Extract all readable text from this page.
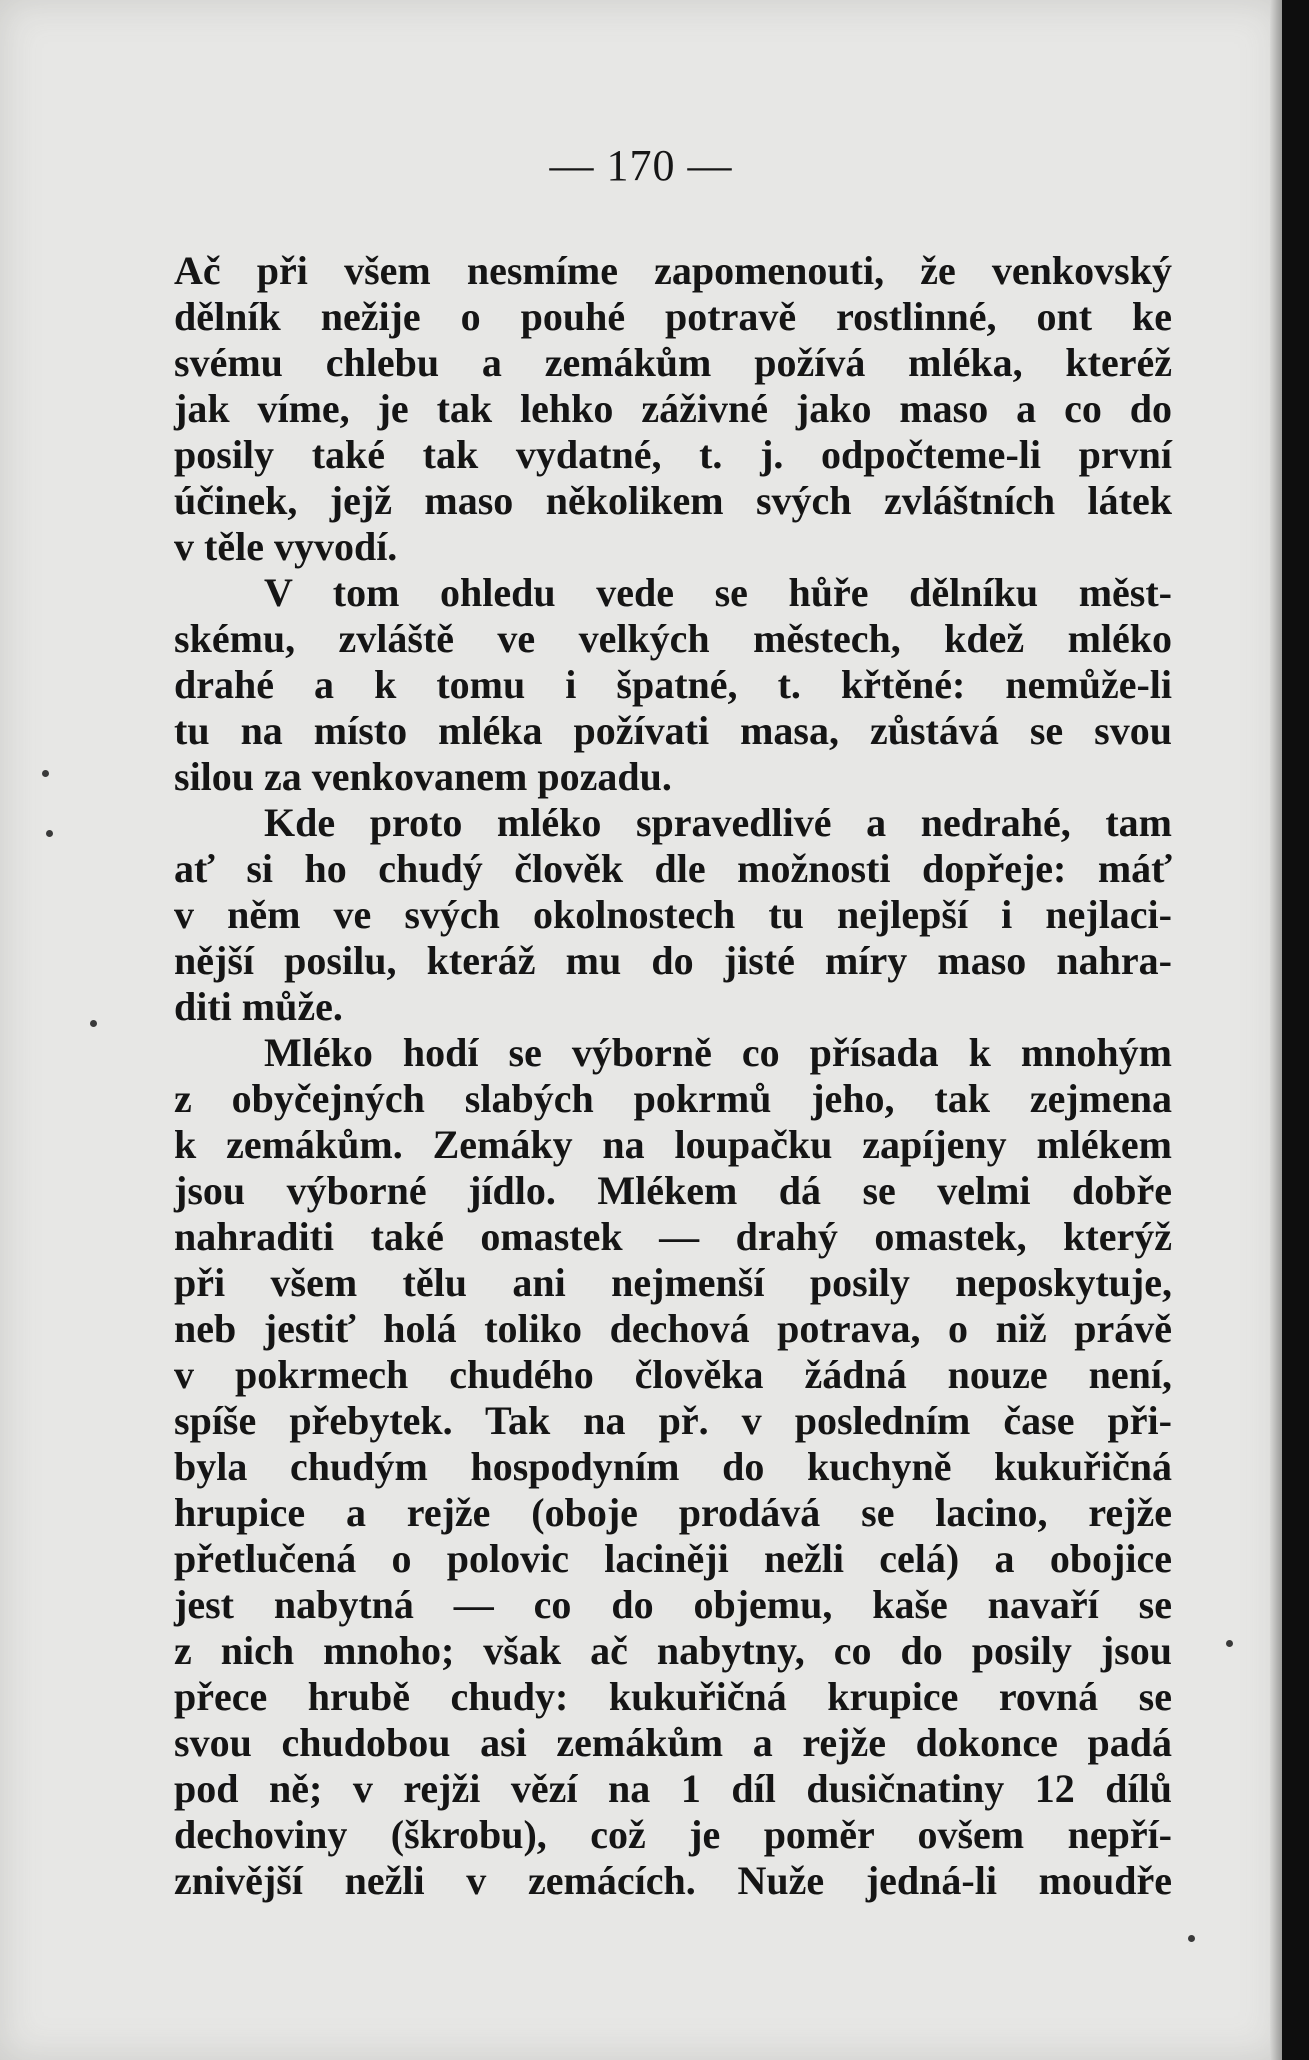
— 170 —
Ač při všem nesmíme zapomenouti, že venkovský
dělník nežije o pouhé potravě rostlinné, ont ke
svému chlebu a zemákům požívá mléka, kteréž
jak víme, je tak lehko záživné jako maso a co do
posily také tak vydatné, t. j. odpočteme-li první
účinek, jejž maso několikem svých zvláštních látek
v těle vyvodí.
V tom ohledu vede se hůře dělníku měst-
skému, zvláště ve velkých městech, kdež mléko
drahé a k tomu i špatné, t. křtěné: nemůže-li
tu na místo mléka požívati masa, zůstává se svou
silou za venkovanem pozadu.
Kde proto mléko spravedlivé a nedrahé, tam
ať si ho chudý člověk dle možnosti dopřeje: máť
v něm ve svých okolnostech tu nejlepší i nejlaci-
nější posilu, kteráž mu do jisté míry maso nahra-
diti může.
Mléko hodí se výborně co přísada k mnohým
z obyčejných slabých pokrmů jeho, tak zejmena
k zemákům. Zemáky na loupačku zapíjeny mlékem
jsou výborné jídlo. Mlékem dá se velmi dobře
nahraditi také omastek — drahý omastek, kterýž
při všem tělu ani nejmenší posily neposkytuje,
neb jestiť holá toliko dechová potrava, o niž právě
v pokrmech chudého člověka žádná nouze není,
spíše přebytek. Tak na př. v posledním čase při-
byla chudým hospodyním do kuchyně kukuřičná
hrupice a rejže (oboje prodává se lacino, rejže
přetlučená o polovic laciněji nežli celá) a obojice
jest nabytná — co do objemu, kaše navaří se
z nich mnoho; však ač nabytny, co do posily jsou
přece hrubě chudy: kukuřičná krupice rovná se
svou chudobou asi zemákům a rejže dokonce padá
pod ně; v rejži vězí na 1 díl dusičnatiny 12 dílů
dechoviny (škrobu), což je poměr ovšem nepří-
znivější nežli v zemácích. Nuže jedná-li moudře
